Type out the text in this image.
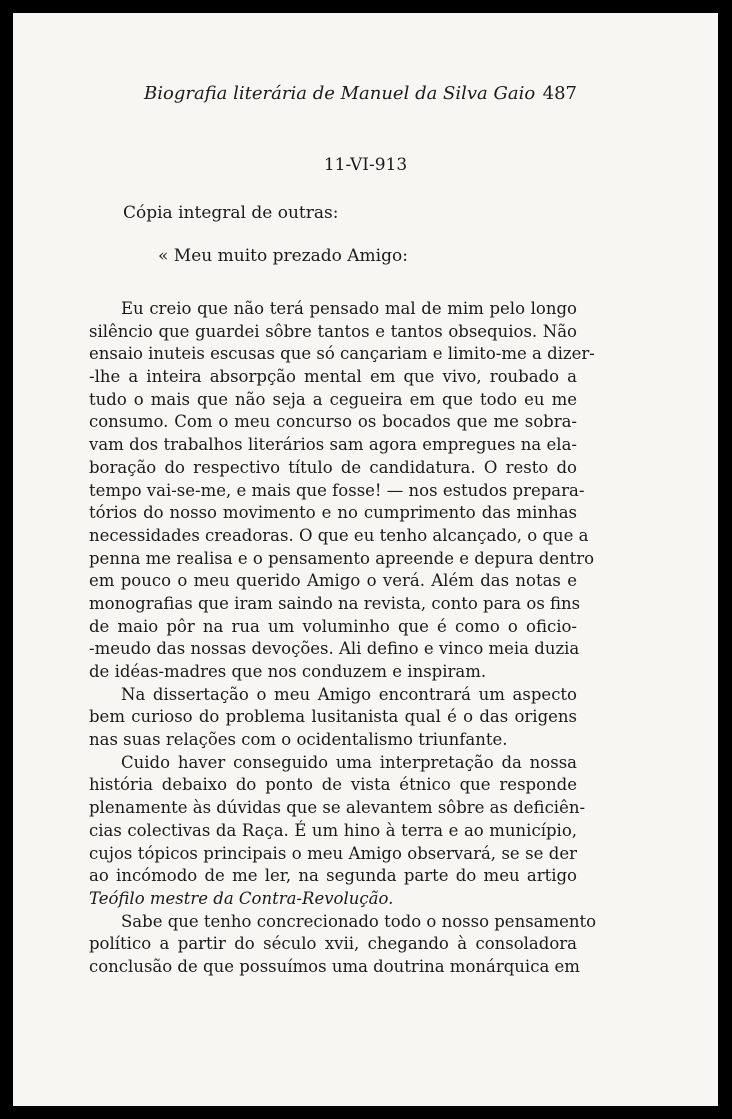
Biografia literária de Manuel da Silva Gaio 487
11-VI-913
Cópia integral de outras:
« Meu muito prezado Amigo:
Eu creio que não terá pensado mal de mim pelo longo
silêncio que guardei sôbre tantos e tantos obsequios. Não
ensaio inuteis escusas que só cançariam e limito-me a dizer-
-lhe a inteira absorpção mental em que vivo, roubado a
tudo o mais que não seja a cegueira em que todo eu me
consumo. Com o meu concurso os bocados que me sobra-
vam dos trabalhos literários sam agora empregues na ela-
boração do respectivo título de candidatura. O resto do
tempo vai-se-me, e mais que fosse! — nos estudos prepara-
tórios do nosso movimento e no cumprimento das minhas
necessidades creadoras. O que eu tenho alcançado, o que a
penna me realisa e o pensamento apreende e depura dentro
em pouco o meu querido Amigo o verá. Além das notas e
monografias que iram saindo na revista, conto para os fins
de maio pôr na rua um voluminho que é como o oficio-
-meudo das nossas devoções. Ali defino e vinco meia duzia
de idéas-madres que nos conduzem e inspiram.
Na dissertação o meu Amigo encontrará um aspecto
bem curioso do problema lusitanista qual é o das origens
nas suas relações com o ocidentalismo triunfante.
Cuido haver conseguido uma interpretação da nossa
história debaixo do ponto de vista étnico que responde
plenamente às dúvidas que se alevantem sôbre as deficiên-
cias colectivas da Raça. É um hino à terra e ao município,
cujos tópicos principais o meu Amigo observará, se se der
ao incómodo de me ler, na segunda parte do meu artigo
Teófilo mestre da Contra-Revolução.
Sabe que tenho concrecionado todo o nosso pensamento
político a partir do século xvii, chegando à consoladora
conclusão de que possuímos uma doutrina monárquica em
